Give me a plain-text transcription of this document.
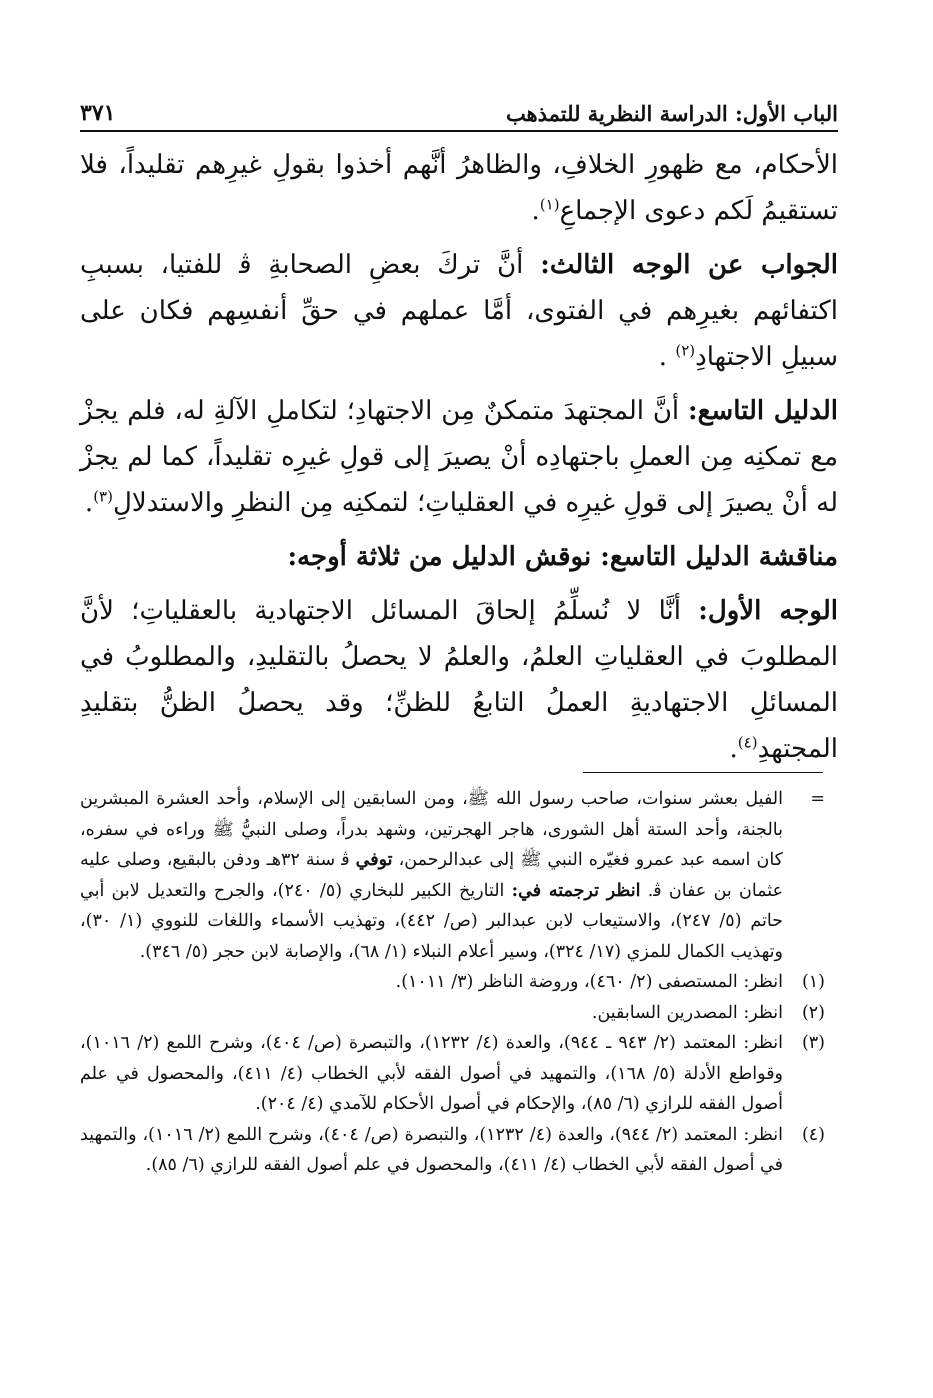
الباب الأول: الدراسة النظرية للتمذهب
٣٧١

الأحكام، مع ظهورِ الخلافِ، والظاهرُ أنَّهم أخذوا بقولِ غيرِهم تقليداً، فلا تستقيمُ لَكم دعوى الإجماعِ$^{(١)}$.

الجواب عن الوجه الثالث: أنَّ تركَ بعضِ الصحابةِ ﭬ للفتيا، بسببِ اكتفائهم بغيرِهم في الفتوى، أمَّا عملهم في حقِّ أنفسِهم فكان على سبيلِ الاجتهادِ$^{(٢)}$ .

الدليل التاسع: أنَّ المجتهدَ متمكنٌ مِن الاجتهادِ؛ لتكاملِ الآلةِ له، فلم يجزْ مع تمكنِه مِن العملِ باجتهادِه أنْ يصيرَ إلى قولِ غيرِه تقليداً، كما لم يجزْ له أنْ يصيرَ إلى قولِ غيرِه في العقلياتِ؛ لتمكنِه مِن النظرِ والاستدلالِ$^{(٣)}$.

مناقشة الدليل التاسع: نوقش الدليل من ثلاثة أوجه:

الوجه الأول: أنَّا لا نُسلِّمُ إلحاقَ المسائل الاجتهادية بالعقلياتِ؛ لأنَّ المطلوبَ في العقلياتِ العلمُ، والعلمُ لا يحصلُ بالتقليدِ، والمطلوبُ في المسائلِ الاجتهاديةِ العملُ التابعُ للظنِّ؛ وقد يحصلُ الظنُّ بتقليدِ المجتهدِ$^{(٤)}$.

=
الفيل بعشر سنوات، صاحب رسول الله ﷺ، ومن السابقين إلى الإسلام، وأحد العشرة المبشرين بالجنة، وأحد الستة أهل الشورى، هاجر الهجرتين، وشهد بدراً، وصلى النبيُّ ﷺ وراءه في سفره، كان اسمه عبد عمرو فغيّره النبي ﷺ إلى عبدالرحمن، توفي ﭬ سنة ٣٢هـ ودفن بالبقيع، وصلى عليه عثمان بن عفان ﭬ. انظر ترجمته في: التاريخ الكبير للبخاري (٥/ ٢٤٠)، والجرح والتعديل لابن أبي حاتم (٥/ ٢٤٧)، والاستيعاب لابن عبدالبر (ص/ ٤٤٢)، وتهذيب الأسماء واللغات للنووي (١/ ٣٠)، وتهذيب الكمال للمزي (١٧/ ٣٢٤)، وسير أعلام النبلاء (١/ ٦٨)، والإصابة لابن حجر (٥/ ٣٤٦).
(١)
انظر: المستصفى (٢/ ٤٦٠)، وروضة الناظر (٣/ ١٠١١).
(٢)
انظر: المصدرين السابقين.
(٣)
انظر: المعتمد (٢/ ٩٤٣ ـ ٩٤٤)، والعدة (٤/ ١٢٣٢)، والتبصرة (ص/ ٤٠٤)، وشرح اللمع (٢/ ١٠١٦)، وقواطع الأدلة (٥/ ١٦٨)، والتمهيد في أصول الفقه لأبي الخطاب (٤/ ٤١١)، والمحصول في علم أصول الفقه للرازي (٦/ ٨٥)، والإحكام في أصول الأحكام للآمدي (٤/ ٢٠٤).
(٤)
انظر: المعتمد (٢/ ٩٤٤)، والعدة (٤/ ١٢٣٢)، والتبصرة (ص/ ٤٠٤)، وشرح اللمع (٢/ ١٠١٦)، والتمهيد في أصول الفقه لأبي الخطاب (٤/ ٤١١)، والمحصول في علم أصول الفقه للرازي (٦/ ٨٥).
